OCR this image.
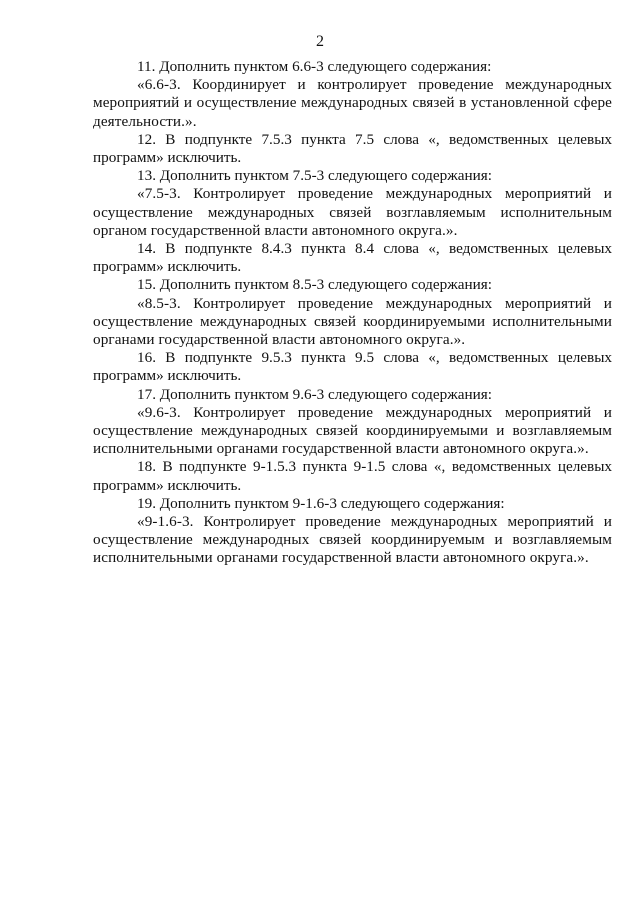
2

11. Дополнить пунктом 6.6-3 следующего содержания:

«6.6-3. Координирует и контролирует проведение международных мероприятий и осуществление международных связей в установленной сфере деятельности.».

12. В подпункте 7.5.3 пункта 7.5 слова «, ведомственных целевых программ» исключить.

13. Дополнить пунктом 7.5-3 следующего содержания:

«7.5-3. Контролирует проведение международных мероприятий и осуществление международных связей возглавляемым исполнительным органом государственной власти автономного округа.».

14. В подпункте 8.4.3 пункта 8.4 слова «, ведомственных целевых программ» исключить.

15. Дополнить пунктом 8.5-3 следующего содержания:

«8.5-3. Контролирует проведение международных мероприятий и осуществление международных связей координируемыми исполнительными органами государственной власти автономного округа.».

16. В подпункте 9.5.3 пункта 9.5 слова «, ведомственных целевых программ» исключить.

17. Дополнить пунктом 9.6-3 следующего содержания:

«9.6-3. Контролирует проведение международных мероприятий и осуществление международных связей координируемыми и возглавляемым исполнительными органами государственной власти автономного округа.».

18. В подпункте 9-1.5.3 пункта 9-1.5 слова «, ведомственных целевых программ» исключить.

19. Дополнить пунктом 9-1.6-3 следующего содержания:

«9-1.6-3. Контролирует проведение международных мероприятий и осуществление международных связей координируемым и возглавляемым исполнительными органами государственной власти автономного округа.».
